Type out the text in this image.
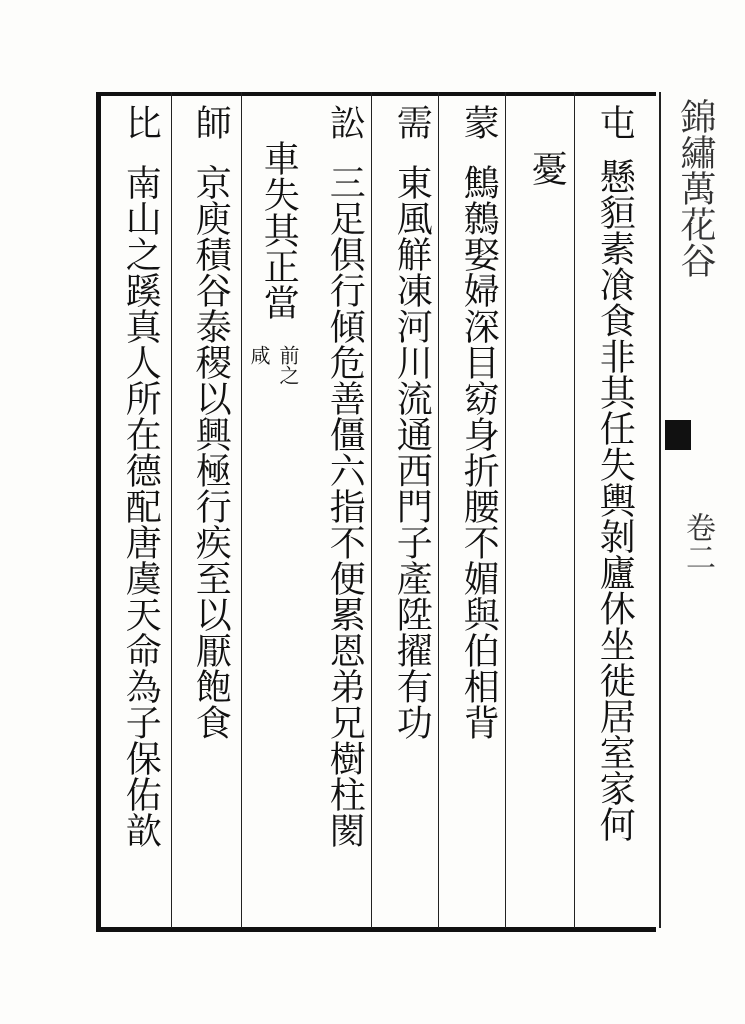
錦繡萬花谷
卷二
屯
懸貆素飡食非其任失輿剝廬休坐徙居室家何
憂
蒙
鷦鷯娶婦深目窈身折腰不媚與伯相背
需
東風觧凍河川流通西門子產陞擢有功
訟
三足俱行傾危善僵六指不便累恩弟兄樹柱閡
車失其正當
前之
咸
師
京庾積谷泰稷以興極行疾至以厭飽食
比
南山之蹊真人所在德配唐虞天命為子保佑歆
